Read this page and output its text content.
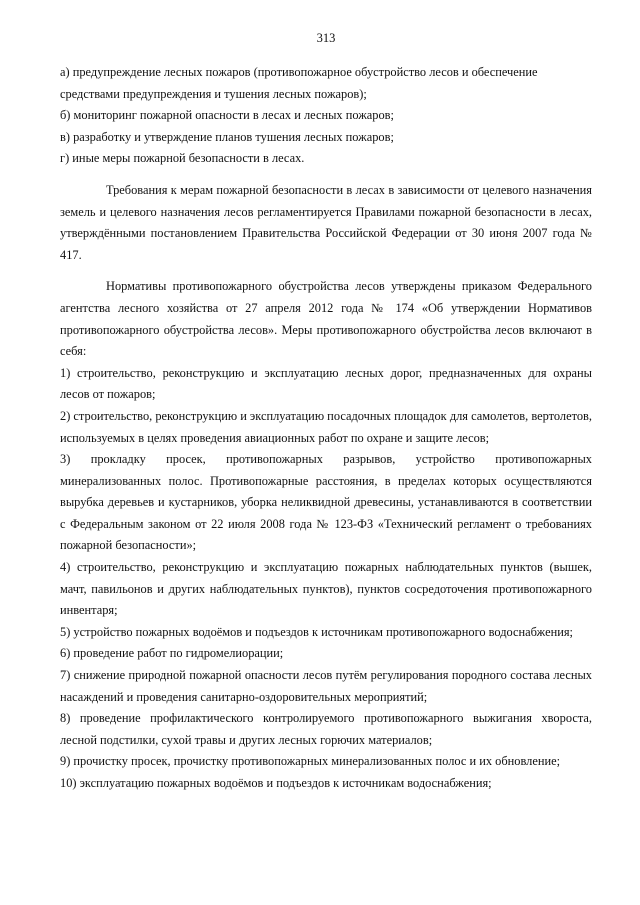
313

а) предупреждение лесных пожаров (противопожарное обустройство лесов и обеспечение средствами предупреждения и тушения лесных пожаров);

б) мониторинг пожарной опасности в лесах и лесных пожаров;

в) разработку и утверждение планов тушения лесных пожаров;

г) иные меры пожарной безопасности в лесах.

Требования к мерам пожарной безопасности в лесах в зависимости от целевого назначения земель и целевого назначения лесов регламентируется Правилами пожарной безопасности в лесах, утверждёнными постановлением Правительства Российской Федерации от 30 июня 2007 года № 417.

Нормативы противопожарного обустройства лесов утверждены приказом Федерального агентства лесного хозяйства от 27 апреля 2012 года № 174 «Об утверждении Нормативов противопожарного обустройства лесов». Меры противопожарного обустройства лесов включают в себя:

1) строительство, реконструкцию и эксплуатацию лесных дорог, предназначенных для охраны лесов от пожаров;

2) строительство, реконструкцию и эксплуатацию посадочных площадок для самолетов, вертолетов, используемых в целях проведения авиационных работ по охране и защите лесов;

3) прокладку просек, противопожарных разрывов, устройство противопожарных минерализованных полос. Противопожарные расстояния, в пределах которых осуществляются вырубка деревьев и кустарников, уборка неликвидной древесины, устанавливаются в соответствии с Федеральным законом от 22 июля 2008 года № 123-ФЗ «Технический регламент о требованиях пожарной безопасности»;

4) строительство, реконструкцию и эксплуатацию пожарных наблюдательных пунктов (вышек, мачт, павильонов и других наблюдательных пунктов), пунктов сосредоточения противопожарного инвентаря;

5) устройство пожарных водоёмов и подъездов к источникам противопожарного водоснабжения;

6) проведение работ по гидромелиорации;

7) снижение природной пожарной опасности лесов путём регулирования породного состава лесных насаждений и проведения санитарно-оздоровительных мероприятий;

8) проведение профилактического контролируемого противопожарного выжигания хвороста, лесной подстилки, сухой травы и других лесных горючих материалов;

9) прочистку просек, прочистку противопожарных минерализованных полос и их обновление;

10) эксплуатацию пожарных водоёмов и подъездов к источникам водоснабжения;
